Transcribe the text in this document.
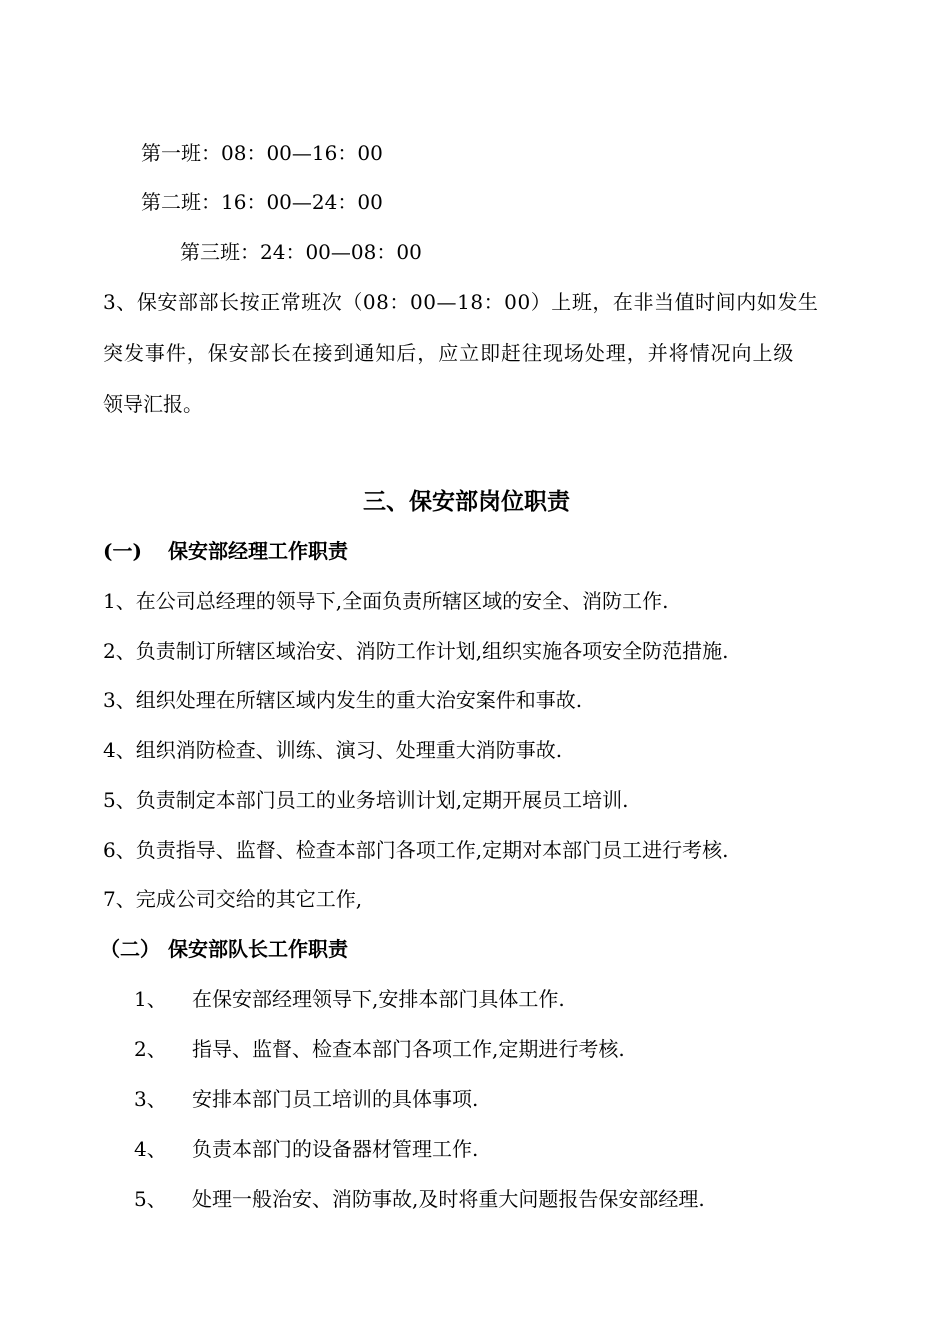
第一班：08：00—16：00
第二班：16：00—24：00
第三班：24：00—08：00
3、保安部部长按正常班次（08：00—18：00）上班，在非当值时间内如发生
突发事件，保安部长在接到通知后，应立即赶往现场处理，并将情况向上级
领导汇报。
三、保安部岗位职责
(一) 保安部经理工作职责
1、在公司总经理的领导下,全面负责所辖区域的安全、消防工作.
2、负责制订所辖区域治安、消防工作计划,组织实施各项安全防范措施.
3、组织处理在所辖区域内发生的重大治安案件和事故.
4、组织消防检查、训练、演习、处理重大消防事故.
5、负责制定本部门员工的业务培训计划,定期开展员工培训.
6、负责指导、监督、检查本部门各项工作,定期对本部门员工进行考核.
7、完成公司交给的其它工作,
（二） 保安部队长工作职责
1、 在保安部经理领导下,安排本部门具体工作.
2、 指导、监督、检查本部门各项工作,定期进行考核.
3、 安排本部门员工培训的具体事项.
4、 负责本部门的设备器材管理工作.
5、 处理一般治安、消防事故,及时将重大问题报告保安部经理.
